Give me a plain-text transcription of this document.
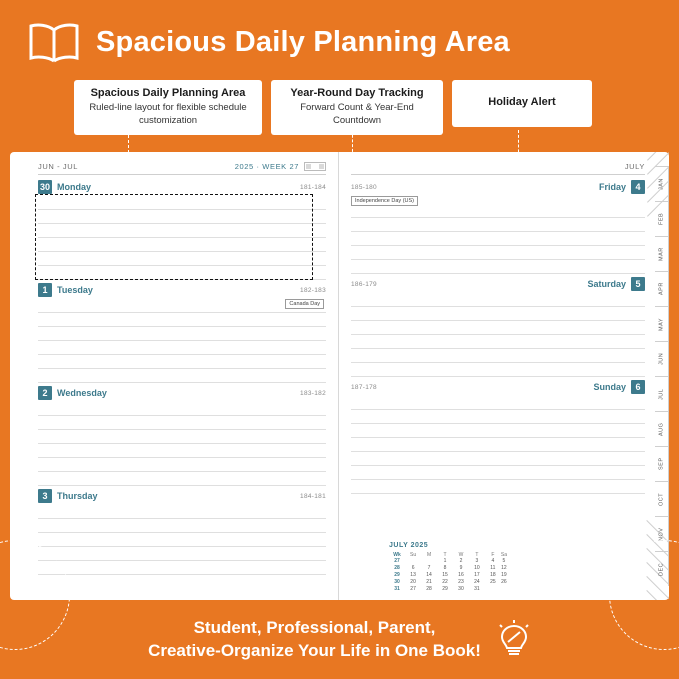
Spacious Daily Planning Area
Spacious Daily Planning Area
Ruled-line layout for flexible schedule customization
Year-Round Day Tracking
Forward Count & Year-End Countdown
Holiday Alert
JUN - JUL	2025 · WEEK 27
30 Monday	181-184
1	Tuesday	182-183
Canada Day
2	Wednesday	183-182
3	Thursday	184-181
JULY
185-180	Friday	4
Independence Day (US)
186-179	Saturday	5
187-178	Sunday	6
JULY 2025
Wk	Su	M	T	W	T	F	Sa
27			1	2	3	4	5
28	6	7	8	9	10	11	12
29	13	14	15	16	17	18	19
30	20	21	22	23	24	25	26
31	27	28	29	30	31		
JAN
FEB
MAR
APR
MAY
JUN
JUL
AUG
SEP
OCT
NOV
DEC
Student, Professional, Parent,
Creative-Organize Your Life in One Book!
